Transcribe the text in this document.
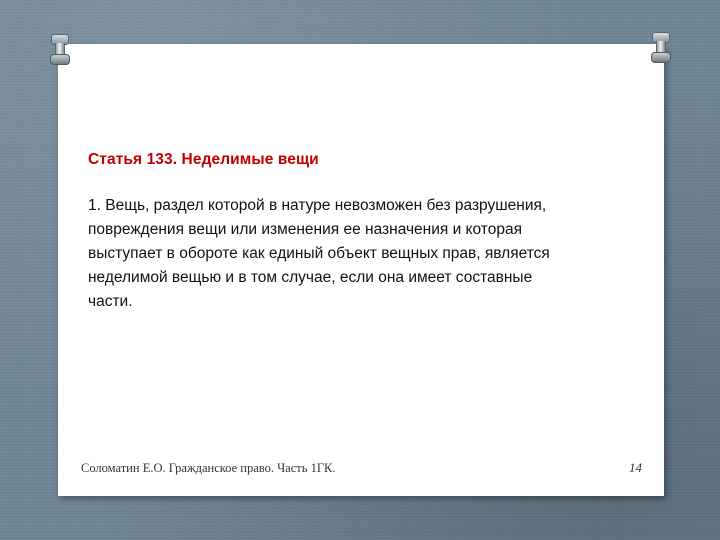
Статья 133. Неделимые вещи
1. Вещь, раздел которой в натуре невозможен без разрушения,
повреждения вещи или изменения ее назначения и которая
выступает в обороте как единый объект вещных прав, является
неделимой вещью и в том случае, если она имеет составные
части.
Соломатин Е.О. Гражданское право. Часть 1ГК.	14
